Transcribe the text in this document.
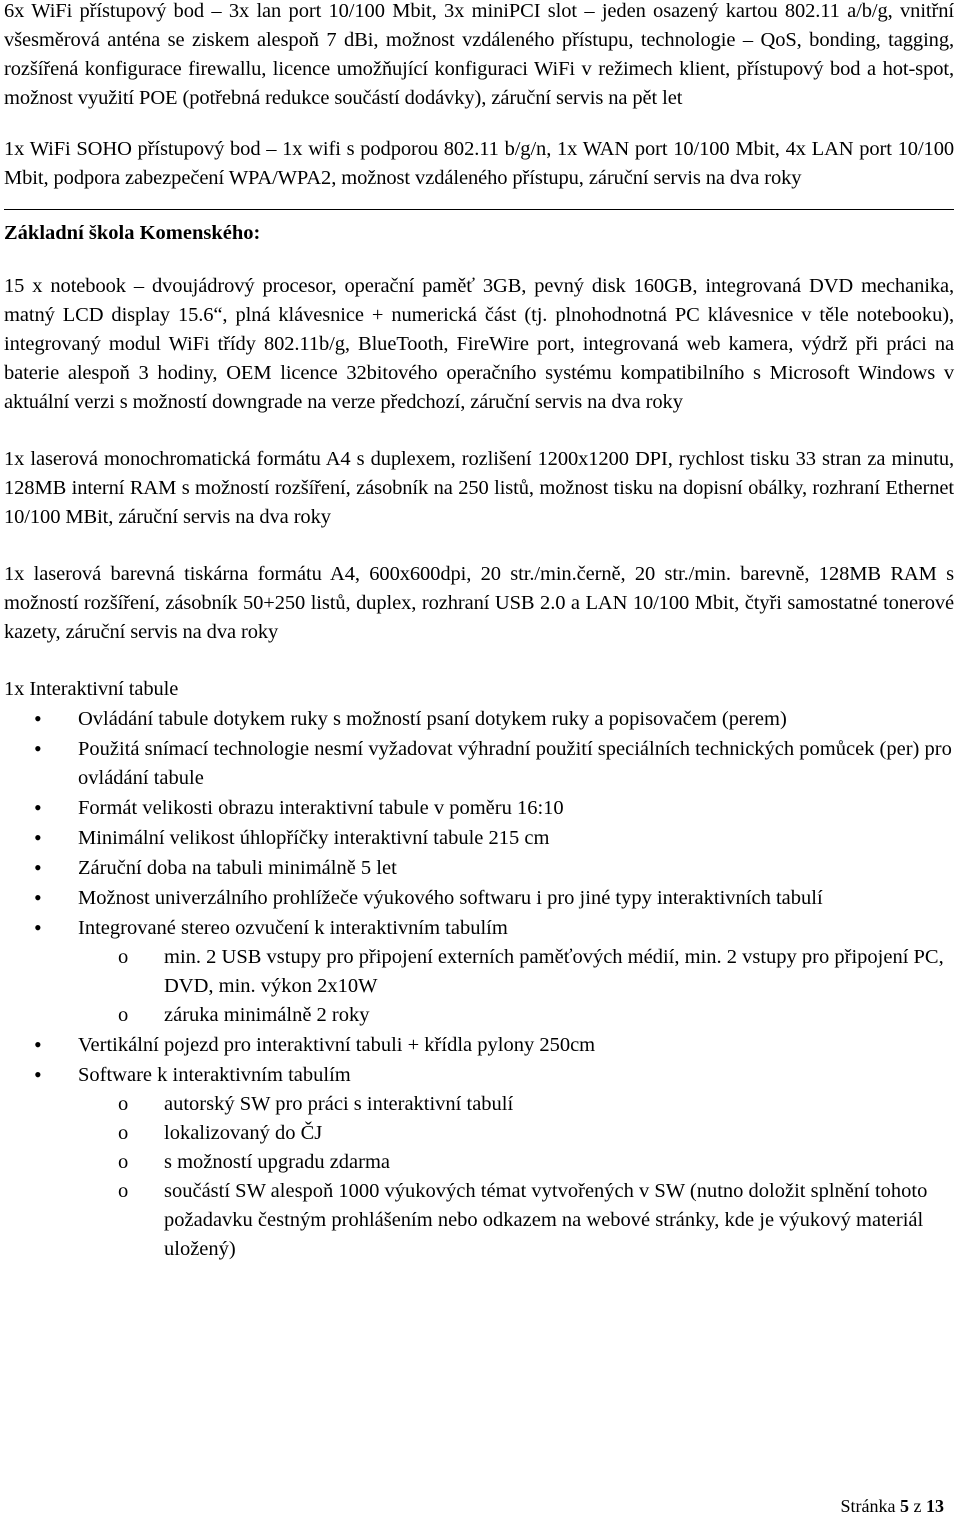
6x WiFi přístupový bod – 3x lan port 10/100 Mbit, 3x miniPCI slot – jeden osazený kartou 802.11 a/b/g, vnitřní všesměrová anténa se ziskem alespoň 7 dBi, možnost vzdáleného přístupu, technologie – QoS, bonding, tagging, rozšířená konfigurace firewallu, licence umožňující konfiguraci WiFi v režimech klient, přístupový bod a hot-spot, možnost využití POE (potřebná redukce součástí dodávky), záruční servis na pět let

1x WiFi SOHO přístupový bod – 1x wifi s podporou 802.11 b/g/n, 1x WAN port 10/100 Mbit, 4x LAN port 10/100 Mbit, podpora zabezpečení WPA/WPA2, možnost vzdáleného přístupu, záruční servis na dva roky

Základní škola Komenského:

15 x notebook – dvoujádrový procesor, operační paměť 3GB, pevný disk 160GB, integrovaná DVD mechanika, matný LCD display 15.6“, plná klávesnice + numerická část (tj. plnohodnotná PC klávesnice v těle notebooku), integrovaný modul WiFi třídy 802.11b/g, BlueTooth, FireWire port, integrovaná web kamera, výdrž při práci na baterie alespoň 3 hodiny, OEM licence 32bitového operačního systému kompatibilního s Microsoft Windows v aktuální verzi s možností downgrade na verze předchozí, záruční servis na dva roky

1x laserová monochromatická formátu A4 s duplexem, rozlišení 1200x1200 DPI, rychlost tisku 33 stran za minutu, 128MB interní RAM s možností rozšíření, zásobník na 250 listů, možnost tisku na dopisní obálky, rozhraní Ethernet 10/100 MBit, záruční servis na dva roky

1x laserová barevná tiskárna formátu A4, 600x600dpi, 20 str./min.černě, 20 str./min. barevně, 128MB RAM s možností rozšíření, zásobník 50+250 listů, duplex, rozhraní USB 2.0 a LAN 10/100 Mbit, čtyři samostatné tonerové kazety, záruční servis na dva roky

1x Interaktivní tabule

• Ovládání tabule dotykem ruky s možností psaní dotykem ruky a popisovačem (perem)
• Použitá snímací technologie nesmí vyžadovat výhradní použití speciálních technických pomůcek (per) pro ovládání tabule
• Formát velikosti obrazu interaktivní tabule v poměru 16:10
• Minimální velikost úhlopříčky interaktivní tabule 215 cm
• Záruční doba na tabuli minimálně 5 let
• Možnost univerzálního prohlížeče výukového softwaru i pro jiné typy interaktivních tabulí
• Integrované stereo ozvučení k interaktivním tabulím
o min. 2 USB vstupy pro připojení externích paměťových médií, min. 2 vstupy pro připojení PC, DVD, min. výkon 2x10W
o záruka minimálně 2 roky
• Vertikální pojezd pro interaktivní tabuli + křídla pylony 250cm
• Software k interaktivním tabulím
o autorský SW pro práci s interaktivní tabulí
o lokalizovaný do ČJ
o s možností upgradu zdarma
o součástí SW alespoň 1000 výukových témat vytvořených v SW (nutno doložit splnění tohoto požadavku čestným prohlášením nebo odkazem na webové stránky, kde je výukový materiál uložený)
Stránka 5 z 13
